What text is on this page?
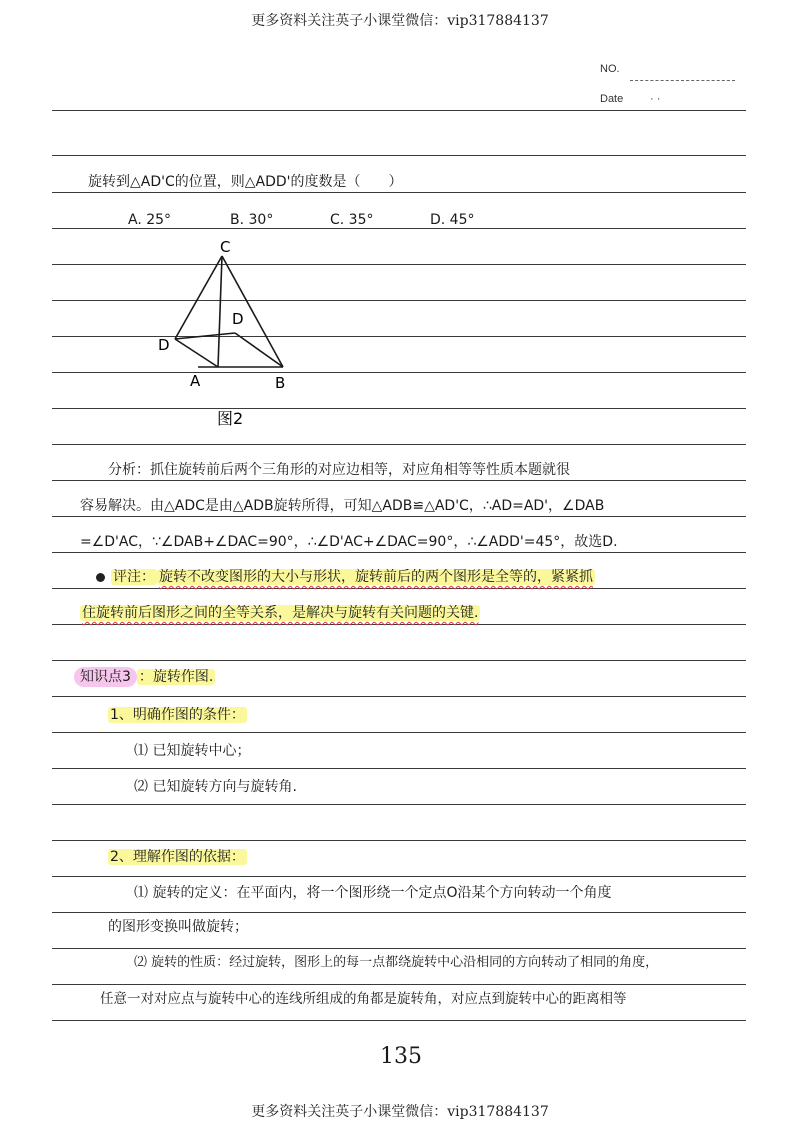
更多资料关注英子小课堂微信：vip317884137
NO.
Date · ·
旋转到△AD'C的位置，则△ADD'的度数是（　　）
A. 25°	B. 30°	C. 35°	D. 45°
C
D
D
A	B
图2
分析：抓住旋转前后两个三角形的对应边相等，对应角相等等性质本题就很
容易解决。由△ADC是由△ADB旋转所得，可知△ADB≌△AD'C，∴AD=AD'，∠DAB
=∠D'AC，∵∠DAB+∠DAC=90°，∴∠D'AC+∠DAC=90°，∴∠ADD'=45°，故选D.
评注： 旋转不改变图形的大小与形状，旋转前后的两个图形是全等的，紧紧抓
住旋转前后图形之间的全等关系，是解决与旋转有关问题的关键.
知识点3 ：旋转作图.
1、明确作图的条件：
⑴ 已知旋转中心；
⑵ 已知旋转方向与旋转角.
2、理解作图的依据：
⑴ 旋转的定义：在平面内，将一个图形绕一个定点O沿某个方向转动一个角度
的图形变换叫做旋转；
⑵ 旋转的性质：经过旋转，图形上的每一点都绕旋转中心沿相同的方向转动了相同的角度，
任意一对对应点与旋转中心的连线所组成的角都是旋转角，对应点到旋转中心的距离相等
135
更多资料关注英子小课堂微信：vip317884137
